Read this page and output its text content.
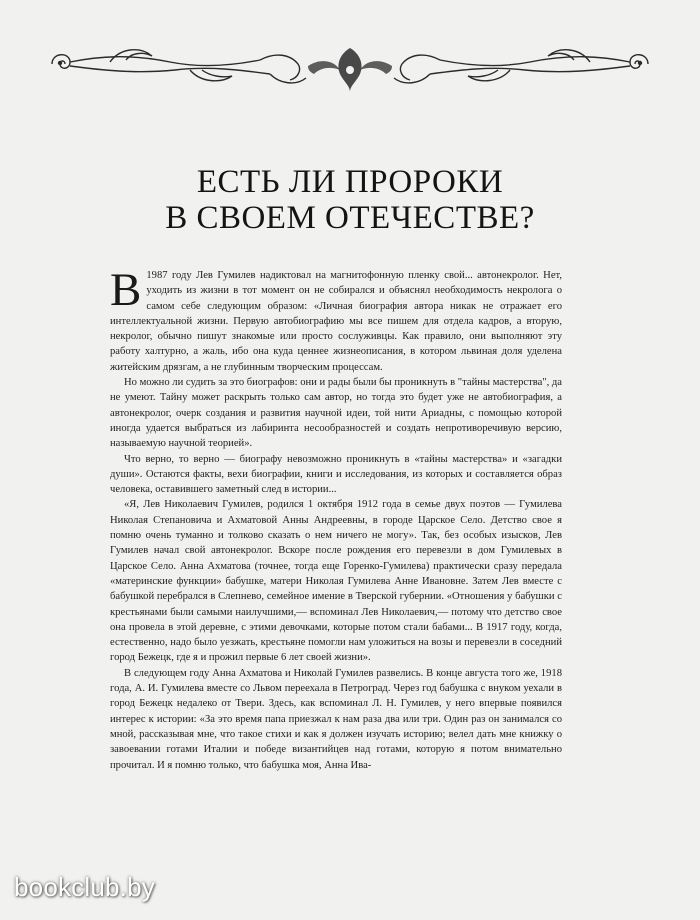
ЕСТЬ ЛИ ПРОРОКИ
В СВОЕМ ОТЕЧЕСТВЕ?

В 1987 году Лев Гумилев надиктовал на магнитофонную пленку свой... автонекролог. Нет, уходить из жизни в тот момент он не собирался и объяснял необходимость некролога о самом себе следующим образом: «Личная биография автора никак не отражает его интеллектуальной жизни. Первую автобиографию мы все пишем для отдела кадров, а вторую, некролог, обычно пишут знакомые или просто сослуживцы. Как правило, они выполняют эту работу халтурно, а жаль, ибо она куда ценнее жизнеописания, в котором львиная доля уделена житейским дрязгам, а не глубинным творческим процессам.

Но можно ли судить за это биографов: они и рады были бы проникнуть в "тайны мастерства", да не умеют. Тайну может раскрыть только сам автор, но тогда это будет уже не автобиография, а автонекролог, очерк создания и развития научной идеи, той нити Ариадны, с помощью которой иногда удается выбраться из лабиринта несообразностей и создать непротиворечивую версию, называемую научной теорией».

Что верно, то верно — биографу невозможно проникнуть в «тайны мастерства» и «загадки души». Остаются факты, вехи биографии, книги и исследования, из которых и составляется образ человека, оставившего заметный след в истории...

«Я, Лев Николаевич Гумилев, родился 1 октября 1912 года в семье двух поэтов — Гумилева Николая Степановича и Ахматовой Анны Андреевны, в городе Царское Село. Детство свое я помню очень туманно и толково сказать о нем ничего не могу». Так, без особых изысков, Лев Гумилев начал свой автонекролог. Вскоре после рождения его перевезли в дом Гумилевых в Царское Село. Анна Ахматова (точнее, тогда еще Горенко-Гумилева) практически сразу передала «материнские функции» бабушке, матери Николая Гумилева Анне Ивановне. Затем Лев вместе с бабушкой перебрался в Слепнево, семейное имение в Тверской губернии. «Отношения у бабушки с крестьянами были самыми наилучшими,— вспоминал Лев Николаевич,— потому что детство свое она провела в этой деревне, с этими девочками, которые потом стали бабами... В 1917 году, когда, естественно, надо было уезжать, крестьяне помогли нам уложиться на возы и перевезли в соседний город Бежецк, где я и прожил первые 6 лет своей жизни».

В следующем году Анна Ахматова и Николай Гумилев развелись. В конце августа того же, 1918 года, А. И. Гумилева вместе со Львом переехала в Петроград. Через год бабушка с внуком уехали в город Бежецк недалеко от Твери. Здесь, как вспоминал Л. Н. Гумилев, у него впервые появился интерес к истории: «За это время папа приезжал к нам раза два или три. Один раз он занимался со мной, рассказывая мне, что такое стихи и как я должен изучать историю; велел дать мне книжку о завоевании готами Италии и победе византийцев над готами, которую я потом внимательно прочитал. И я помню только, что бабушка моя, Анна Ива-

bookclub.by
